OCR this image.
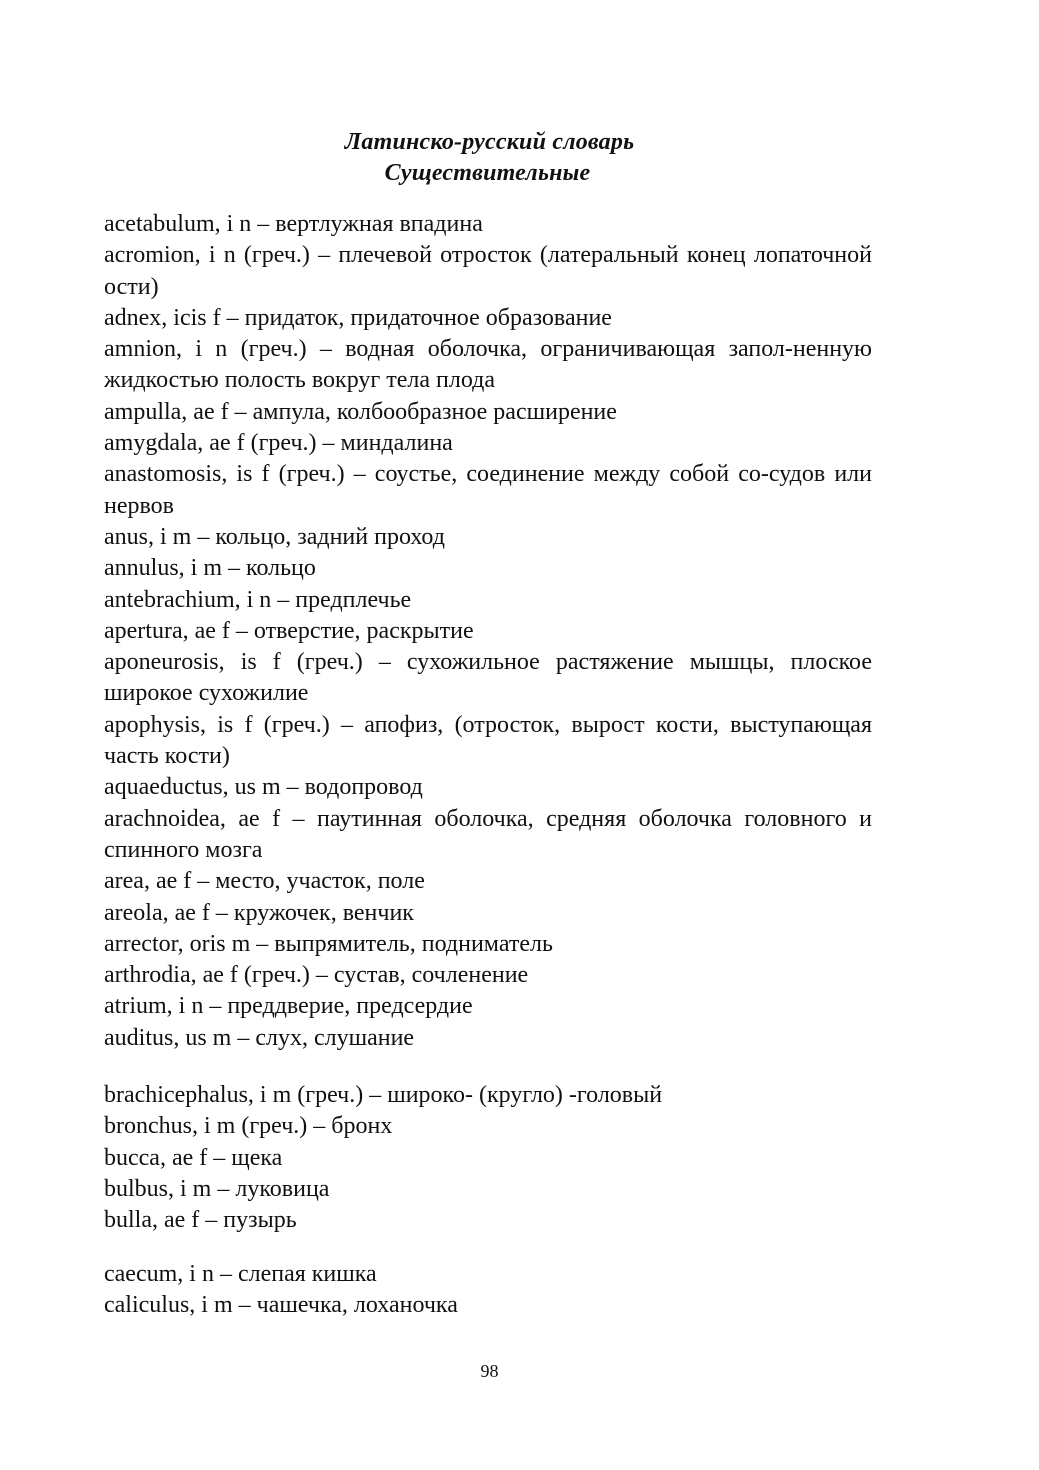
Латинско-русский словарь
Существительные
acetabulum, i n – вертлужная впадина
acromion, i n (греч.) – плечевой отросток (латеральный конец лопаточной ости)
adnex, icis f – придаток, придаточное образование
amnion, i n (греч.) – водная оболочка, ограничивающая запол-ненную жидкостью полость вокруг тела плода
ampulla, ae f – ампула, колбообразное расширение
amygdala, ae f (греч.) – миндалина
anastomosis, is f (греч.) – соустье, соединение между собой со-судов или нервов
anus, i m – кольцо, задний проход
annulus, i m – кольцо
antebrachium, i n – предплечье
apertura, ae f – отверстие, раскрытие
aponeurosis, is f (греч.) – сухожильное растяжение мышцы, плоское широкое сухожилие
apophysis, is f (греч.) – апофиз, (отросток, вырост кости, выступающая часть кости)
aquaeductus, us m – водопровод
arachnoidea, ae f – паутинная оболочка, средняя оболочка головного и спинного мозга
area, ae f – место, участок, поле
areola, ae f – кружочек, венчик
arrector, oris m – выпрямитель, подниматель
arthrodia, ae f (греч.) – сустав, сочленение
atrium, i n – преддверие, предсердие
auditus, us m – слух, слушание
brachicephalus, i m (греч.) – широко- (кругло) -головый
bronchus, i m (греч.) – бронх
bucca, ae f – щека
bulbus, i m – луковица
bulla, ae f – пузырь
caecum, i n – слепая кишка
caliculus, i m – чашечка, лоханочка
98
